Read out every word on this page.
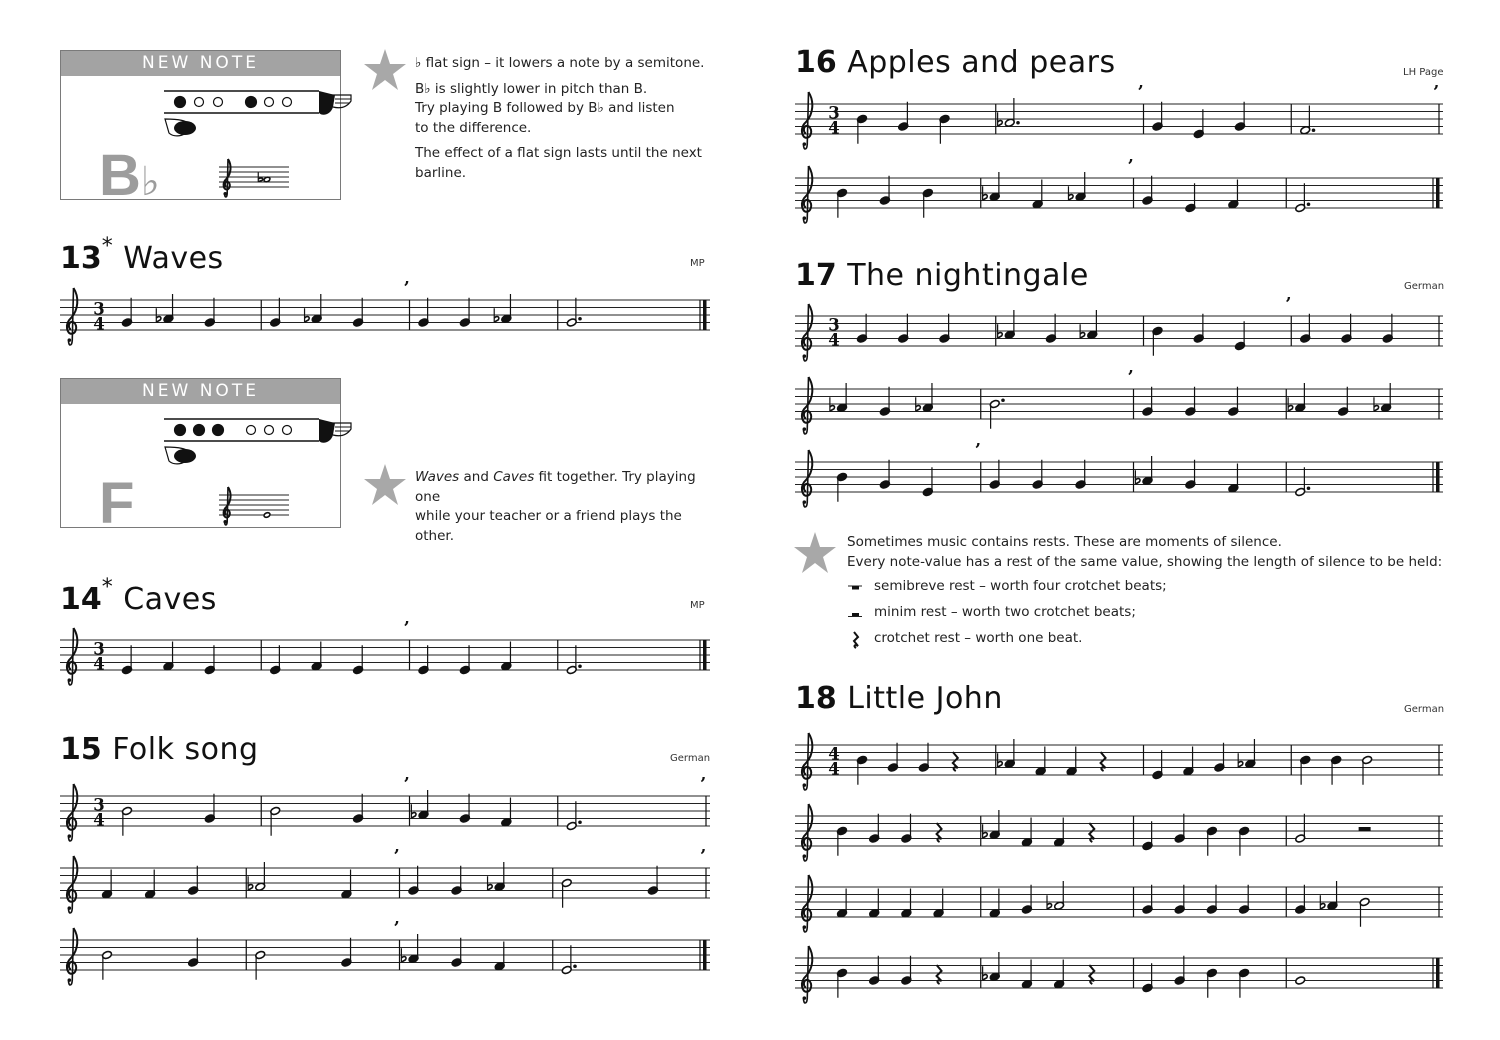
NEW NOTE
B♭

♭ flat sign – it lowers a note by a semitone.

B♭ is slightly lower in pitch than B.

Try playing B followed by B♭ and listen

to the difference.

The effect of a flat sign lasts until the next

barline.

13* Waves	MP
3
4
’
NEW NOTE
F	Waves and Caves fit together. Try playing one
while your teacher or a friend plays the
other.
14* Caves	MP
3
4
’
15 Folk song	German
3
4
’	’
’	’
’
16 Apples and pears	LH Page
3
4
’	’
’
17 The nightingale	German
3
4
’
’
’
Sometimes music contains rests. These are moments of silence.
Every note-value has a rest of the same value, showing the length of silence to be held:
semibreve rest – worth four crotchet beats;
minim rest – worth two crotchet beats;
crotchet rest – worth one beat.
18 Little John	German
4
4
